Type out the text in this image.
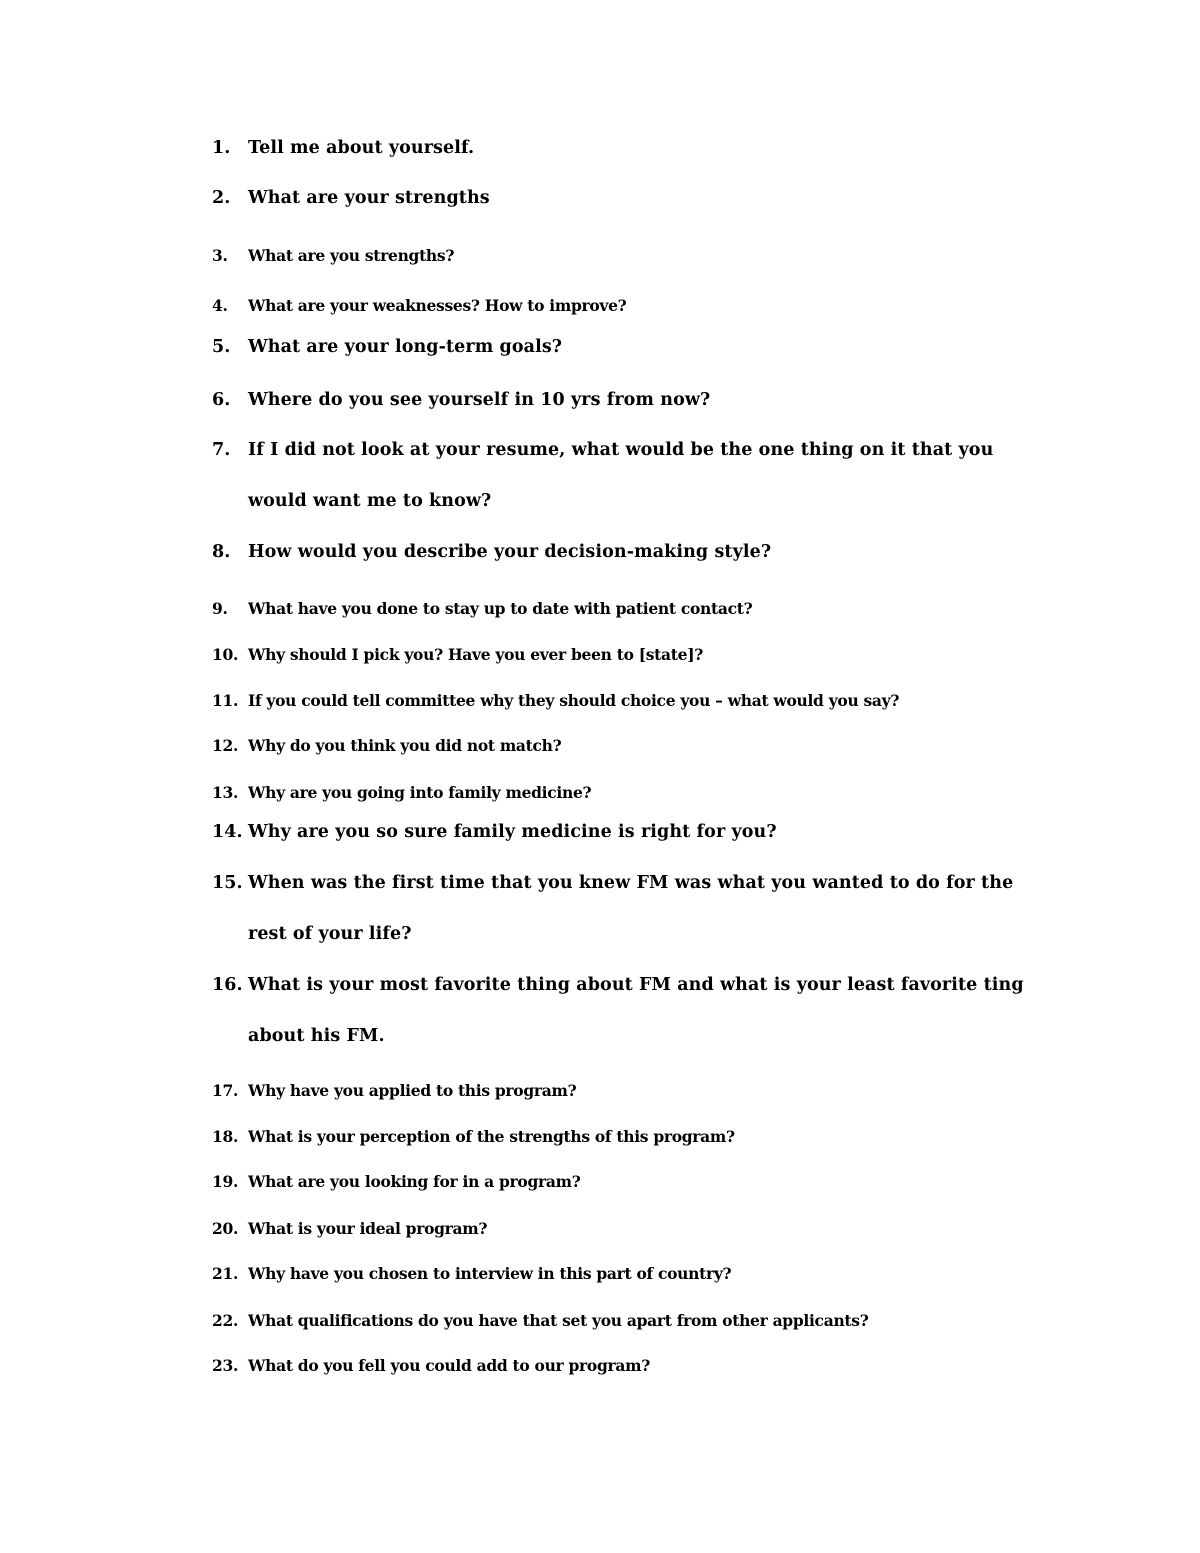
1.	Tell me about yourself.
2.	What are your strengths
3.	What are you strengths?
4.	What are your weaknesses? How to improve?
5.	What are your long-term goals?
6.	Where do you see yourself in 10 yrs from now?
7.	If I did not look at your resume, what would be the one thing on it that you would want me to know?
8.	How would you describe your decision-making style?
9.	What have you done to stay up to date with patient contact?
10. Why should I pick you? Have you ever been to [state]?
11. If you could tell committee why they should choice you – what would you say?
12. Why do you think you did not match?
13. Why are you going into family medicine?
14. Why are you so sure family medicine is right for you?
15. When was the first time that you knew FM was what you wanted to do for the rest of your life?
16. What is your most favorite thing about FM and what is your least favorite ting about his FM.
17. Why have you applied to this program?
18. What is your perception of the strengths of this program?
19. What are you looking for in a program?
20. What is your ideal program?
21. Why have you chosen to interview in this part of country?
22. What qualifications do you have that set you apart from other applicants?
23. What do you fell you could add to our program?
